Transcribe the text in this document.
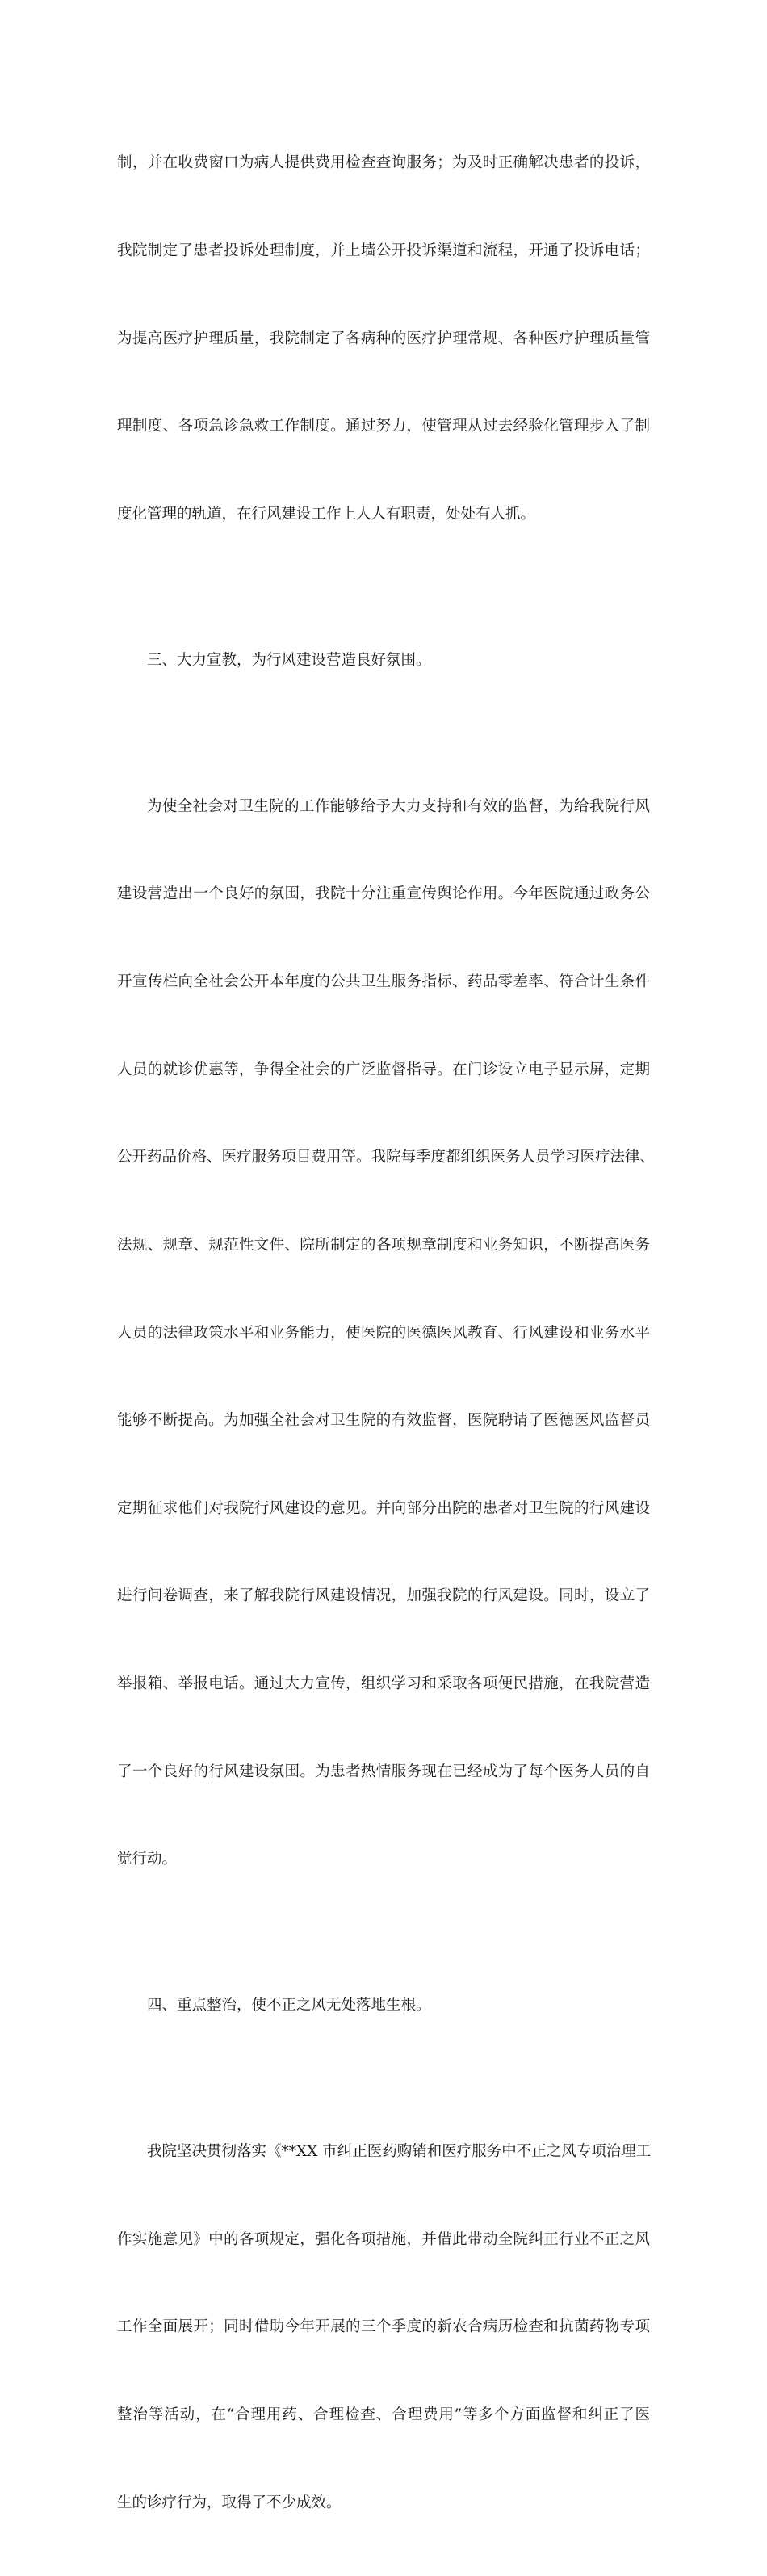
制，并在收费窗口为病人提供费用检查查询服务；为及时正确解决患者的投诉，

我院制定了患者投诉处理制度，并上墙公开投诉渠道和流程，开通了投诉电话；

为提高医疗护理质量，我院制定了各病种的医疗护理常规、各种医疗护理质量管

理制度、各项急诊急救工作制度。通过努力，使管理从过去经验化管理步入了制

度化管理的轨道，在行风建设工作上人人有职责，处处有人抓。

三、大力宣教，为行风建设营造良好氛围。

为使全社会对卫生院的工作能够给予大力支持和有效的监督，为给我院行风

建设营造出一个良好的氛围，我院十分注重宣传舆论作用。今年医院通过政务公

开宣传栏向全社会公开本年度的公共卫生服务指标、药品零差率、符合计生条件

人员的就诊优惠等，争得全社会的广泛监督指导。在门诊设立电子显示屏，定期

公开药品价格、医疗服务项目费用等。我院每季度都组织医务人员学习医疗法律、

法规、规章、规范性文件、院所制定的各项规章制度和业务知识，不断提高医务

人员的法律政策水平和业务能力，使医院的医德医风教育、行风建设和业务水平

能够不断提高。为加强全社会对卫生院的有效监督，医院聘请了医德医风监督员

定期征求他们对我院行风建设的意见。并向部分出院的患者对卫生院的行风建设

进行问卷调查，来了解我院行风建设情况，加强我院的行风建设。同时，设立了

举报箱、举报电话。通过大力宣传，组织学习和采取各项便民措施，在我院营造

了一个良好的行风建设氛围。为患者热情服务现在已经成为了每个医务人员的自

觉行动。

四、重点整治，使不正之风无处落地生根。

我院坚决贯彻落实《**XX 市纠正医药购销和医疗服务中不正之风专项治理工

作实施意见》中的各项规定，强化各项措施，并借此带动全院纠正行业不正之风

工作全面展开；同时借助今年开展的三个季度的新农合病历检查和抗菌药物专项

整治等活动，在“合理用药、合理检查、合理费用”等多个方面监督和纠正了医

生的诊疗行为，取得了不少成效。
